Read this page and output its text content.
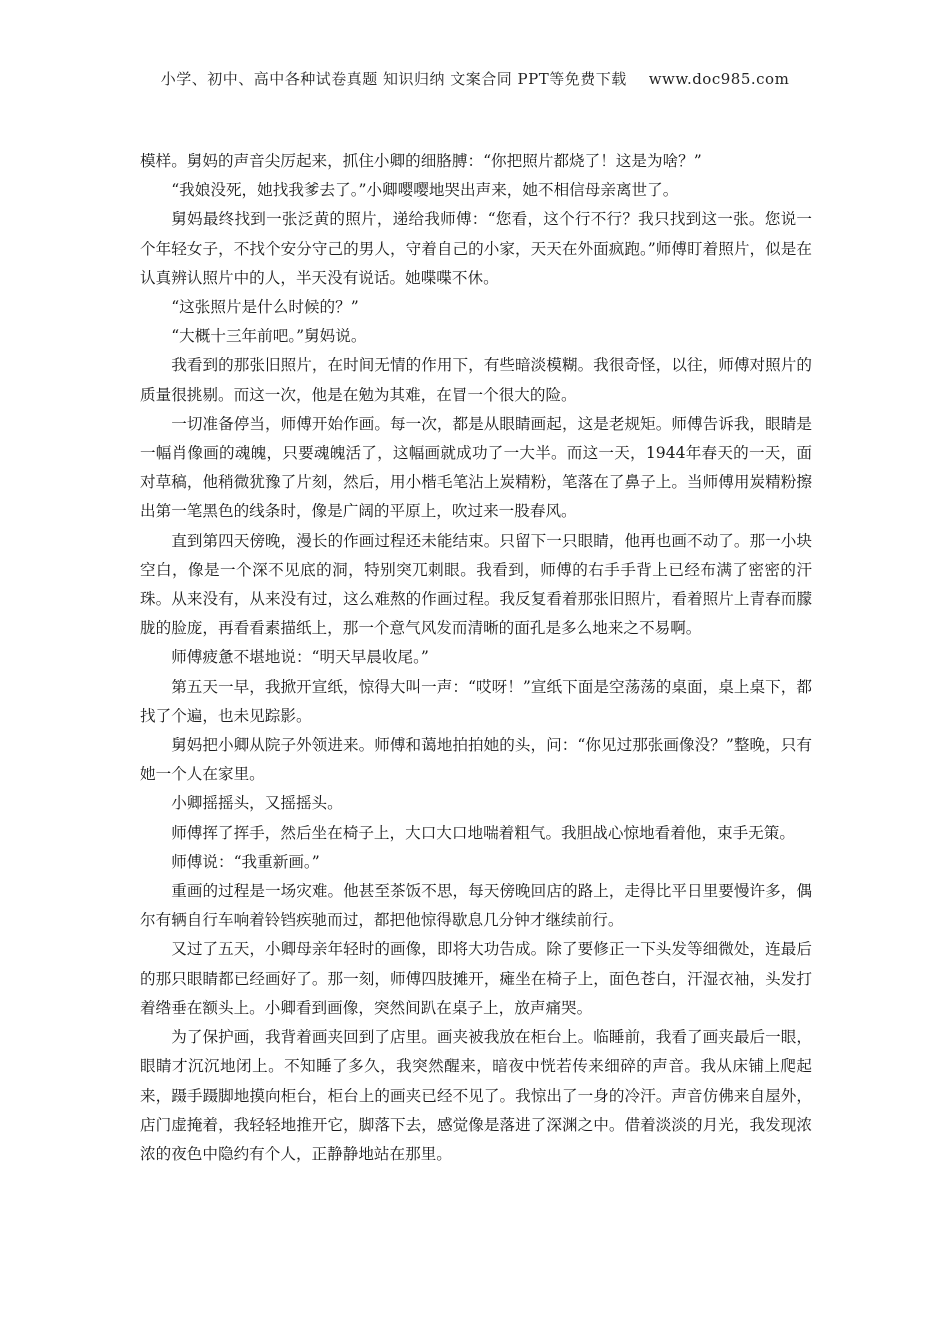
小学、初中、高中各种试卷真题 知识归纳 文案合同 PPT等免费下载 www.doc985.com

模样。舅妈的声音尖厉起来，抓住小卿的细胳膊：“你把照片都烧了！这是为啥？”

“我娘没死，她找我爹去了。”小卿嘤嘤地哭出声来，她不相信母亲离世了。

舅妈最终找到一张泛黄的照片，递给我师傅：“您看，这个行不行？我只找到这一张。您说一个年轻女子，不找个安分守己的男人，守着自己的小家，天天在外面疯跑。”师傅盯着照片，似是在认真辨认照片中的人，半天没有说话。她喋喋不休。

“这张照片是什么时候的？”

“大概十三年前吧。”舅妈说。

我看到的那张旧照片，在时间无情的作用下，有些暗淡模糊。我很奇怪，以往，师傅对照片的质量很挑剔。而这一次，他是在勉为其难，在冒一个很大的险。

一切准备停当，师傅开始作画。每一次，都是从眼睛画起，这是老规矩。师傅告诉我，眼睛是一幅肖像画的魂魄，只要魂魄活了，这幅画就成功了一大半。而这一天，1944年春天的一天，面对草稿，他稍微犹豫了片刻，然后，用小楷毛笔沾上炭精粉，笔落在了鼻子上。当师傅用炭精粉擦出第一笔黑色的线条时，像是广阔的平原上，吹过来一股春风。

直到第四天傍晚，漫长的作画过程还未能结束。只留下一只眼睛，他再也画不动了。那一小块空白，像是一个深不见底的洞，特别突兀刺眼。我看到，师傅的右手手背上已经布满了密密的汗珠。从来没有，从来没有过，这么难熬的作画过程。我反复看着那张旧照片，看着照片上青春而朦胧的脸庞，再看看素描纸上，那一个意气风发而清晰的面孔是多么地来之不易啊。

师傅疲惫不堪地说：“明天早晨收尾。”

第五天一早，我掀开宣纸，惊得大叫一声：“哎呀！”宣纸下面是空荡荡的桌面，桌上桌下，都找了个遍，也未见踪影。

舅妈把小卿从院子外领进来。师傅和蔼地拍拍她的头，问：“你见过那张画像没？”整晚，只有她一个人在家里。

小卿摇摇头，又摇摇头。

师傅挥了挥手，然后坐在椅子上，大口大口地喘着粗气。我胆战心惊地看着他，束手无策。

师傅说：“我重新画。”

重画的过程是一场灾难。他甚至茶饭不思，每天傍晚回店的路上，走得比平日里要慢许多，偶尔有辆自行车响着铃铛疾驰而过，都把他惊得歇息几分钟才继续前行。

又过了五天，小卿母亲年轻时的画像，即将大功告成。除了要修正一下头发等细微处，连最后的那只眼睛都已经画好了。那一刻，师傅四肢摊开，瘫坐在椅子上，面色苍白，汗湿衣袖，头发打着绺垂在额头上。小卿看到画像，突然间趴在桌子上，放声痛哭。

为了保护画，我背着画夹回到了店里。画夹被我放在柜台上。临睡前，我看了画夹最后一眼，眼睛才沉沉地闭上。不知睡了多久，我突然醒来，暗夜中恍若传来细碎的声音。我从床铺上爬起来，蹑手蹑脚地摸向柜台，柜台上的画夹已经不见了。我惊出了一身的冷汗。声音仿佛来自屋外，店门虚掩着，我轻轻地推开它，脚落下去，感觉像是落进了深渊之中。借着淡淡的月光，我发现浓浓的夜色中隐约有个人，正静静地站在那里。
